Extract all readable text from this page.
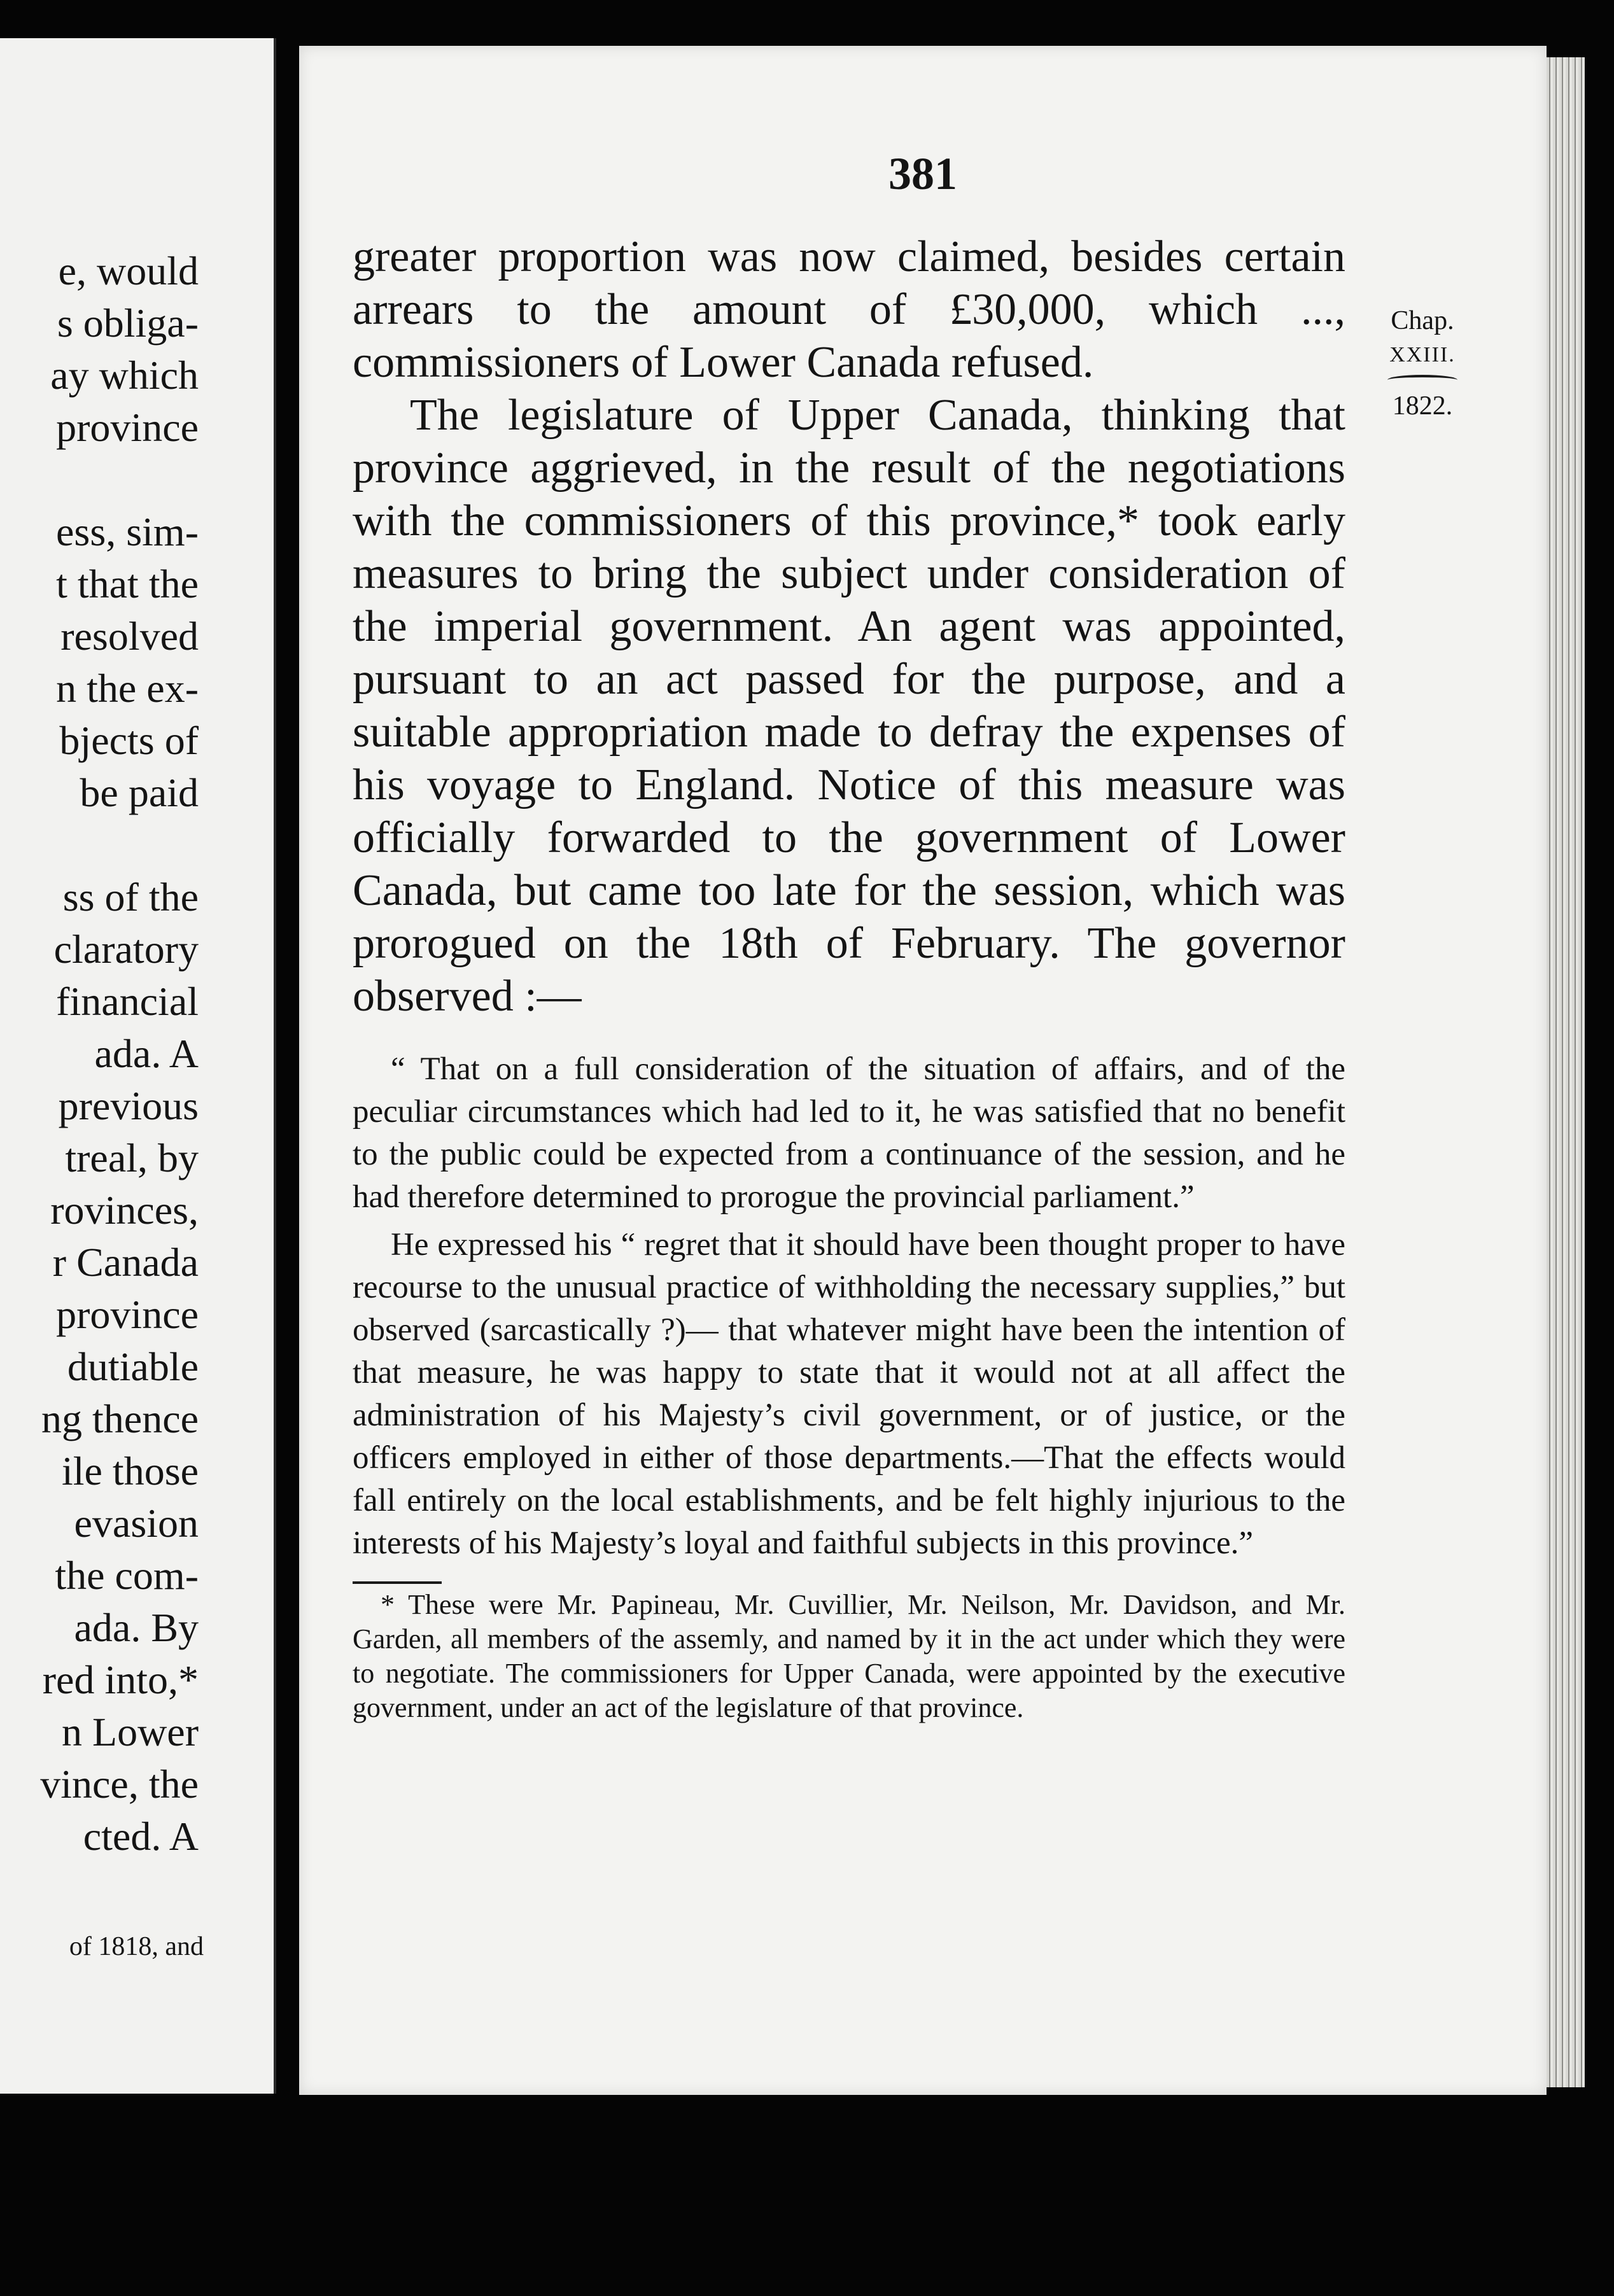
e, would
s obliga-
ay which
province
ess, sim-
t that the
resolved
n the ex-
bjects of
be paid
ss of the
claratory
financial
ada. A
previous
treal, by
rovinces,
r Canada
province
dutiable
ng thence
ile those
evasion
the com-
ada. By
red into,*
n Lower
vince, the
cted. A
of 1818, and
381
Chap.
XXIII.
1822.

greater proportion was now claimed, besides certain arrears to the amount of £30,000, which ..., commissioners of Lower Canada refused.

The legislature of Upper Canada, thinking that province aggrieved, in the result of the negotiations with the commissioners of this province,* took early measures to bring the subject under consideration of the imperial government. An agent was appointed, pursuant to an act passed for the purpose, and a suitable appropriation made to defray the expenses of his voyage to England. Notice of this measure was officially forwarded to the government of Lower Canada, but came too late for the session, which was prorogued on the 18th of February. The governor observed :—

“ That on a full consideration of the situation of affairs, and of the peculiar circumstances which had led to it, he was satisfied that no benefit to the public could be expected from a continuance of the session, and he had therefore determined to prorogue the provincial parliament.”

He expressed his “ regret that it should have been thought proper to have recourse to the unusual practice of withholding the necessary supplies,” but observed (sarcastically ?)— that whatever might have been the intention of that measure, he was happy to state that it would not at all affect the administration of his Majesty’s civil government, or of justice, or the officers employed in either of those departments.—That the effects would fall entirely on the local establishments, and be felt highly injurious to the interests of his Majesty’s loyal and faithful subjects in this province.”

* These were Mr. Papineau, Mr. Cuvillier, Mr. Neilson, Mr. Davidson, and Mr. Garden, all members of the assemly, and named by it in the act under which they were to negotiate. The commissioners for Upper Canada, were appointed by the executive government, under an act of the legislature of that province.
